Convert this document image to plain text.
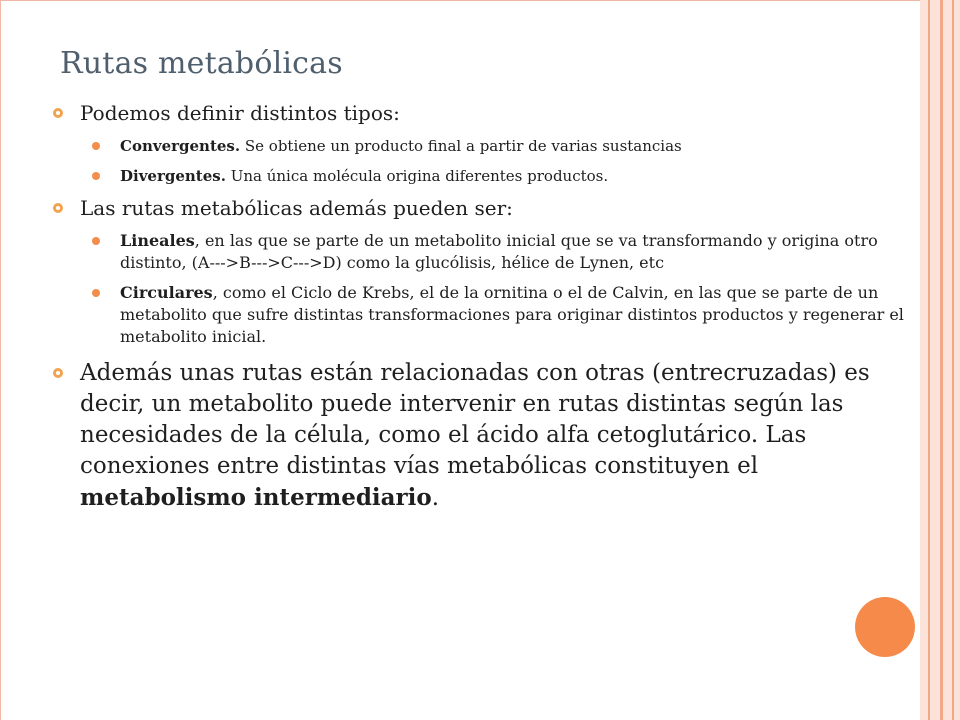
Rutas metabólicas
Podemos definir distintos tipos:
Convergentes. Se obtiene un producto final a partir de varias sustancias
Divergentes. Una única molécula origina diferentes productos.
Las rutas metabólicas además pueden ser:
Lineales, en las que se parte de un metabolito inicial que se va transformando y origina otro distinto, (A--->B--->C--->D) como la glucólisis, hélice de Lynen, etc
Circulares, como el Ciclo de Krebs, el de la ornitina o el de Calvin, en las que se parte de un metabolito que sufre distintas transformaciones para originar distintos productos y regenerar el metabolito inicial.
Además unas rutas están relacionadas con otras (entrecruzadas) es decir, un metabolito puede intervenir en rutas distintas según las necesidades de la célula, como el ácido alfa cetoglutárico. Las conexiones entre distintas vías metabólicas constituyen el metabolismo intermediario.
